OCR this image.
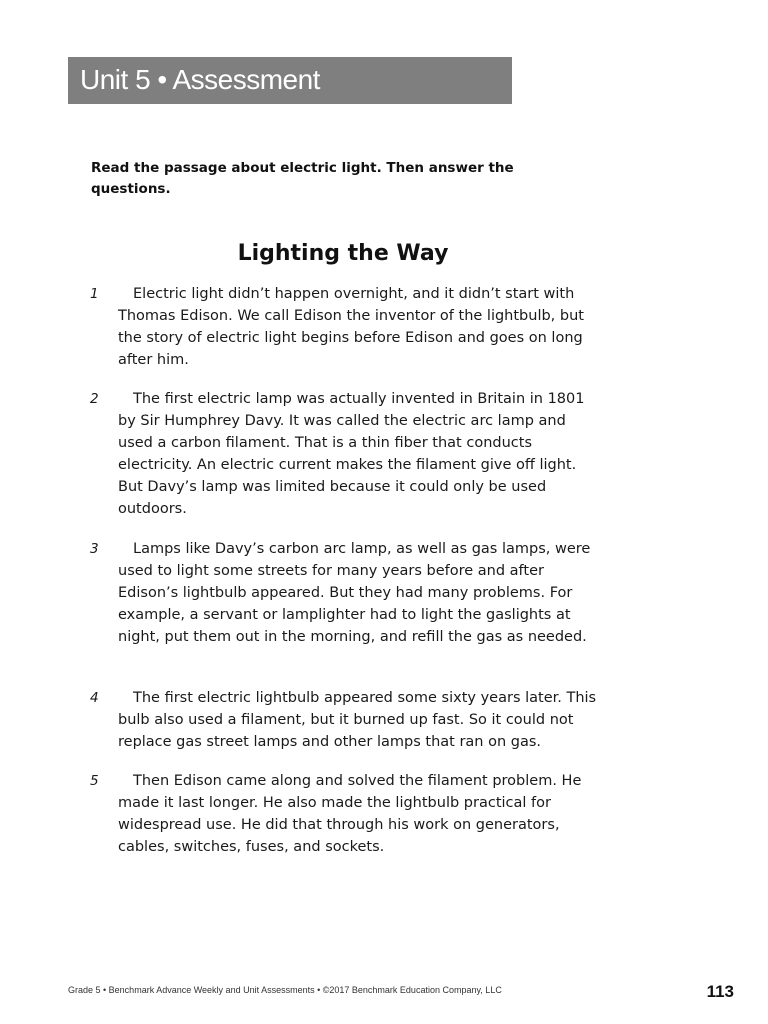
Unit 5 • Assessment
Read the passage about electric light. Then answer the questions.
Lighting the Way
1	Electric light didn’t happen overnight, and it didn’t start with Thomas Edison. We call Edison the inventor of the lightbulb, but the story of electric light begins before Edison and goes on long after him.
2	The first electric lamp was actually invented in Britain in 1801 by Sir Humphrey Davy. It was called the electric arc lamp and used a carbon filament. That is a thin fiber that conducts electricity. An electric current makes the filament give off light. But Davy’s lamp was limited because it could only be used outdoors.
3	Lamps like Davy’s carbon arc lamp, as well as gas lamps, were used to light some streets for many years before and after Edison’s lightbulb appeared. But they had many problems. For example, a servant or lamplighter had to light the gaslights at night, put them out in the morning, and refill the gas as needed.
4	The first electric lightbulb appeared some sixty years later. This bulb also used a filament, but it burned up fast. So it could not replace gas street lamps and other lamps that ran on gas.
5	Then Edison came along and solved the filament problem. He made it last longer. He also made the lightbulb practical for widespread use. He did that through his work on generators, cables, switches, fuses, and sockets.
Grade 5 • Benchmark Advance Weekly and Unit Assessments • ©2017 Benchmark Education Company, LLC	113
